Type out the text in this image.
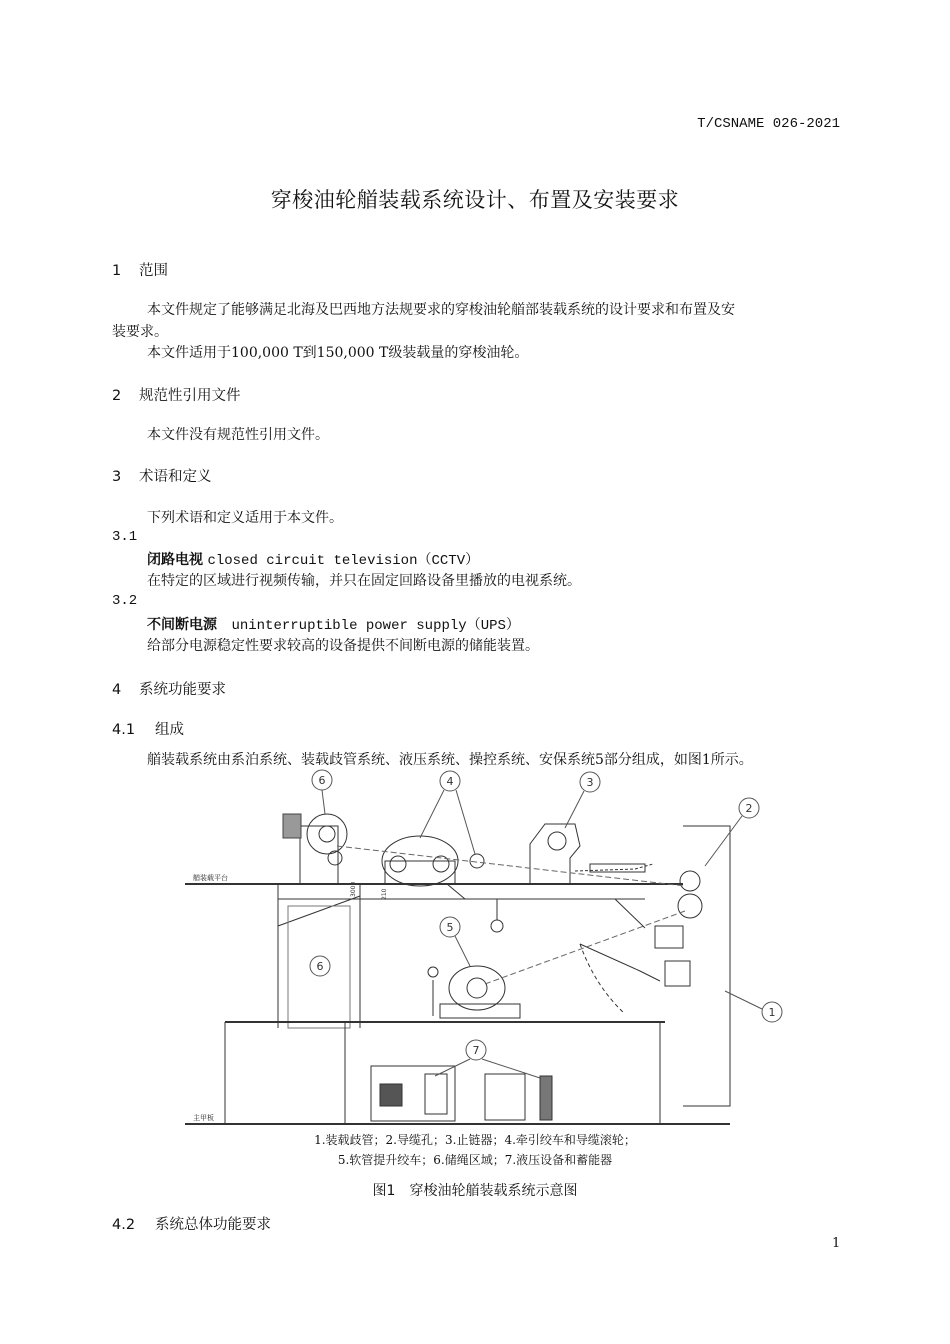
T/CSNAME 026-2021
穿梭油轮艏装载系统设计、布置及安装要求
1 范围
本文件规定了能够满足北海及巴西地方法规要求的穿梭油轮艏部装载系统的设计要求和布置及安
装要求。
本文件适用于100,000 T到150,000 T级装载量的穿梭油轮。
2 规范性引用文件
本文件没有规范性引用文件。
3 术语和定义
下列术语和定义适用于本文件。
3.1
闭路电视 closed circuit television（CCTV）
在特定的区域进行视频传输，并只在固定回路设备里播放的电视系统。
3.2
不间断电源 uninterruptible power supply（UPS）
给部分电源稳定性要求较高的设备提供不间断电源的储能装置。
4 系统功能要求
4.1 组成
艏装载系统由系泊系统、装载歧管系统、液压系统、操控系统、安保系统5部分组成，如图1所示。
艏装载平台
3000	210
主甲板
1
2
3
4
5
6
6
7
1.装载歧管；2.导缆孔；3.止链器；4.牵引绞车和导缆滚轮；
5.软管提升绞车；6.储绳区域；7.液压设备和蓄能器
图1　穿梭油轮艏装载系统示意图
4.2 系统总体功能要求
1
